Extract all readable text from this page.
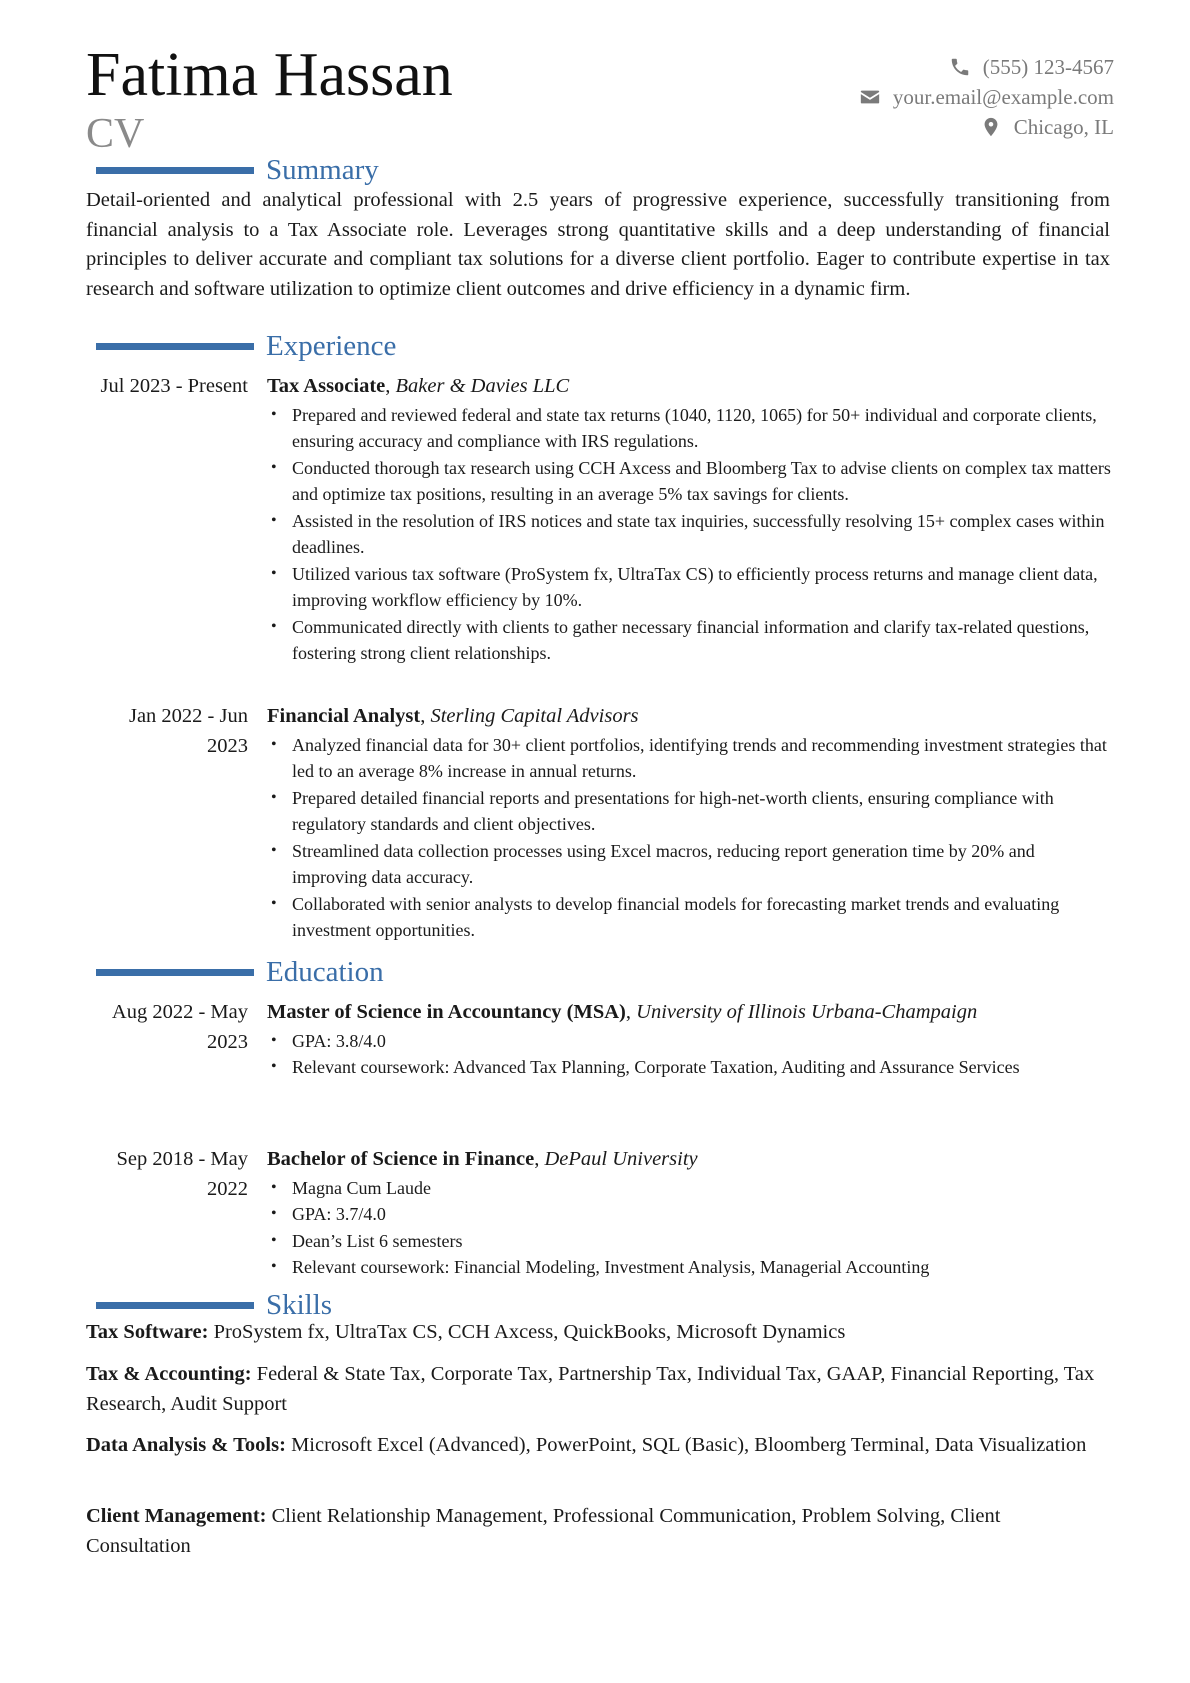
Fatima Hassan
CV
(555) 123-4567
your.email@example.com
Chicago, IL
Summary
Detail-oriented and analytical professional with 2.5 years of progressive experience, successfully transitioning from financial analysis to a Tax Associate role. Leverages strong quantitative skills and a deep understanding of financial principles to deliver accurate and compliant tax solutions for a diverse client portfolio. Eager to contribute expertise in tax research and software utilization to optimize client outcomes and drive efficiency in a dynamic firm.
Experience
Jul 2023 - Present Tax Associate, Baker & Davies LLC
• Prepared and reviewed federal and state tax returns (1040, 1120, 1065) for 50+ individual and corporate clients, ensuring accuracy and compliance with IRS regulations.
• Conducted thorough tax research using CCH Axcess and Bloomberg Tax to advise clients on complex tax matters and optimize tax positions, resulting in an average 5% tax savings for clients.
• Assisted in the resolution of IRS notices and state tax inquiries, successfully resolving 15+ complex cases within deadlines.
• Utilized various tax software (ProSystem fx, UltraTax CS) to efficiently process returns and manage client data, improving workflow efficiency by 10%.
• Communicated directly with clients to gather necessary financial information and clarify tax-related questions, fostering strong client relationships.
Jan 2022 - Jun 2023
Financial Analyst, Sterling Capital Advisors
• Analyzed financial data for 30+ client portfolios, identifying trends and recommending investment strategies that led to an average 8% increase in annual returns.
• Prepared detailed financial reports and presentations for high-net-worth clients, ensuring compliance with regulatory standards and client objectives.
• Streamlined data collection processes using Excel macros, reducing report generation time by 20% and improving data accuracy.
• Collaborated with senior analysts to develop financial models for forecasting market trends and evaluating investment opportunities.
Education
Aug 2022 - May 2023
Master of Science in Accountancy (MSA), University of Illinois Urbana-Champaign
• GPA: 3.8/4.0
• Relevant coursework: Advanced Tax Planning, Corporate Taxation, Auditing and Assurance Services
Sep 2018 - May 2022
Bachelor of Science in Finance, DePaul University
• Magna Cum Laude
• GPA: 3.7/4.0
• Dean’s List 6 semesters
• Relevant coursework: Financial Modeling, Investment Analysis, Managerial Accounting
Skills
Tax Software: ProSystem fx, UltraTax CS, CCH Axcess, QuickBooks, Microsoft Dynamics
Tax & Accounting: Federal & State Tax, Corporate Tax, Partnership Tax, Individual Tax, GAAP, Financial Reporting, Tax Research, Audit Support
Data Analysis & Tools: Microsoft Excel (Advanced), PowerPoint, SQL (Basic), Bloomberg Terminal, Data Visualization
Client Management: Client Relationship Management, Professional Communication, Problem Solving, Client Consultation
